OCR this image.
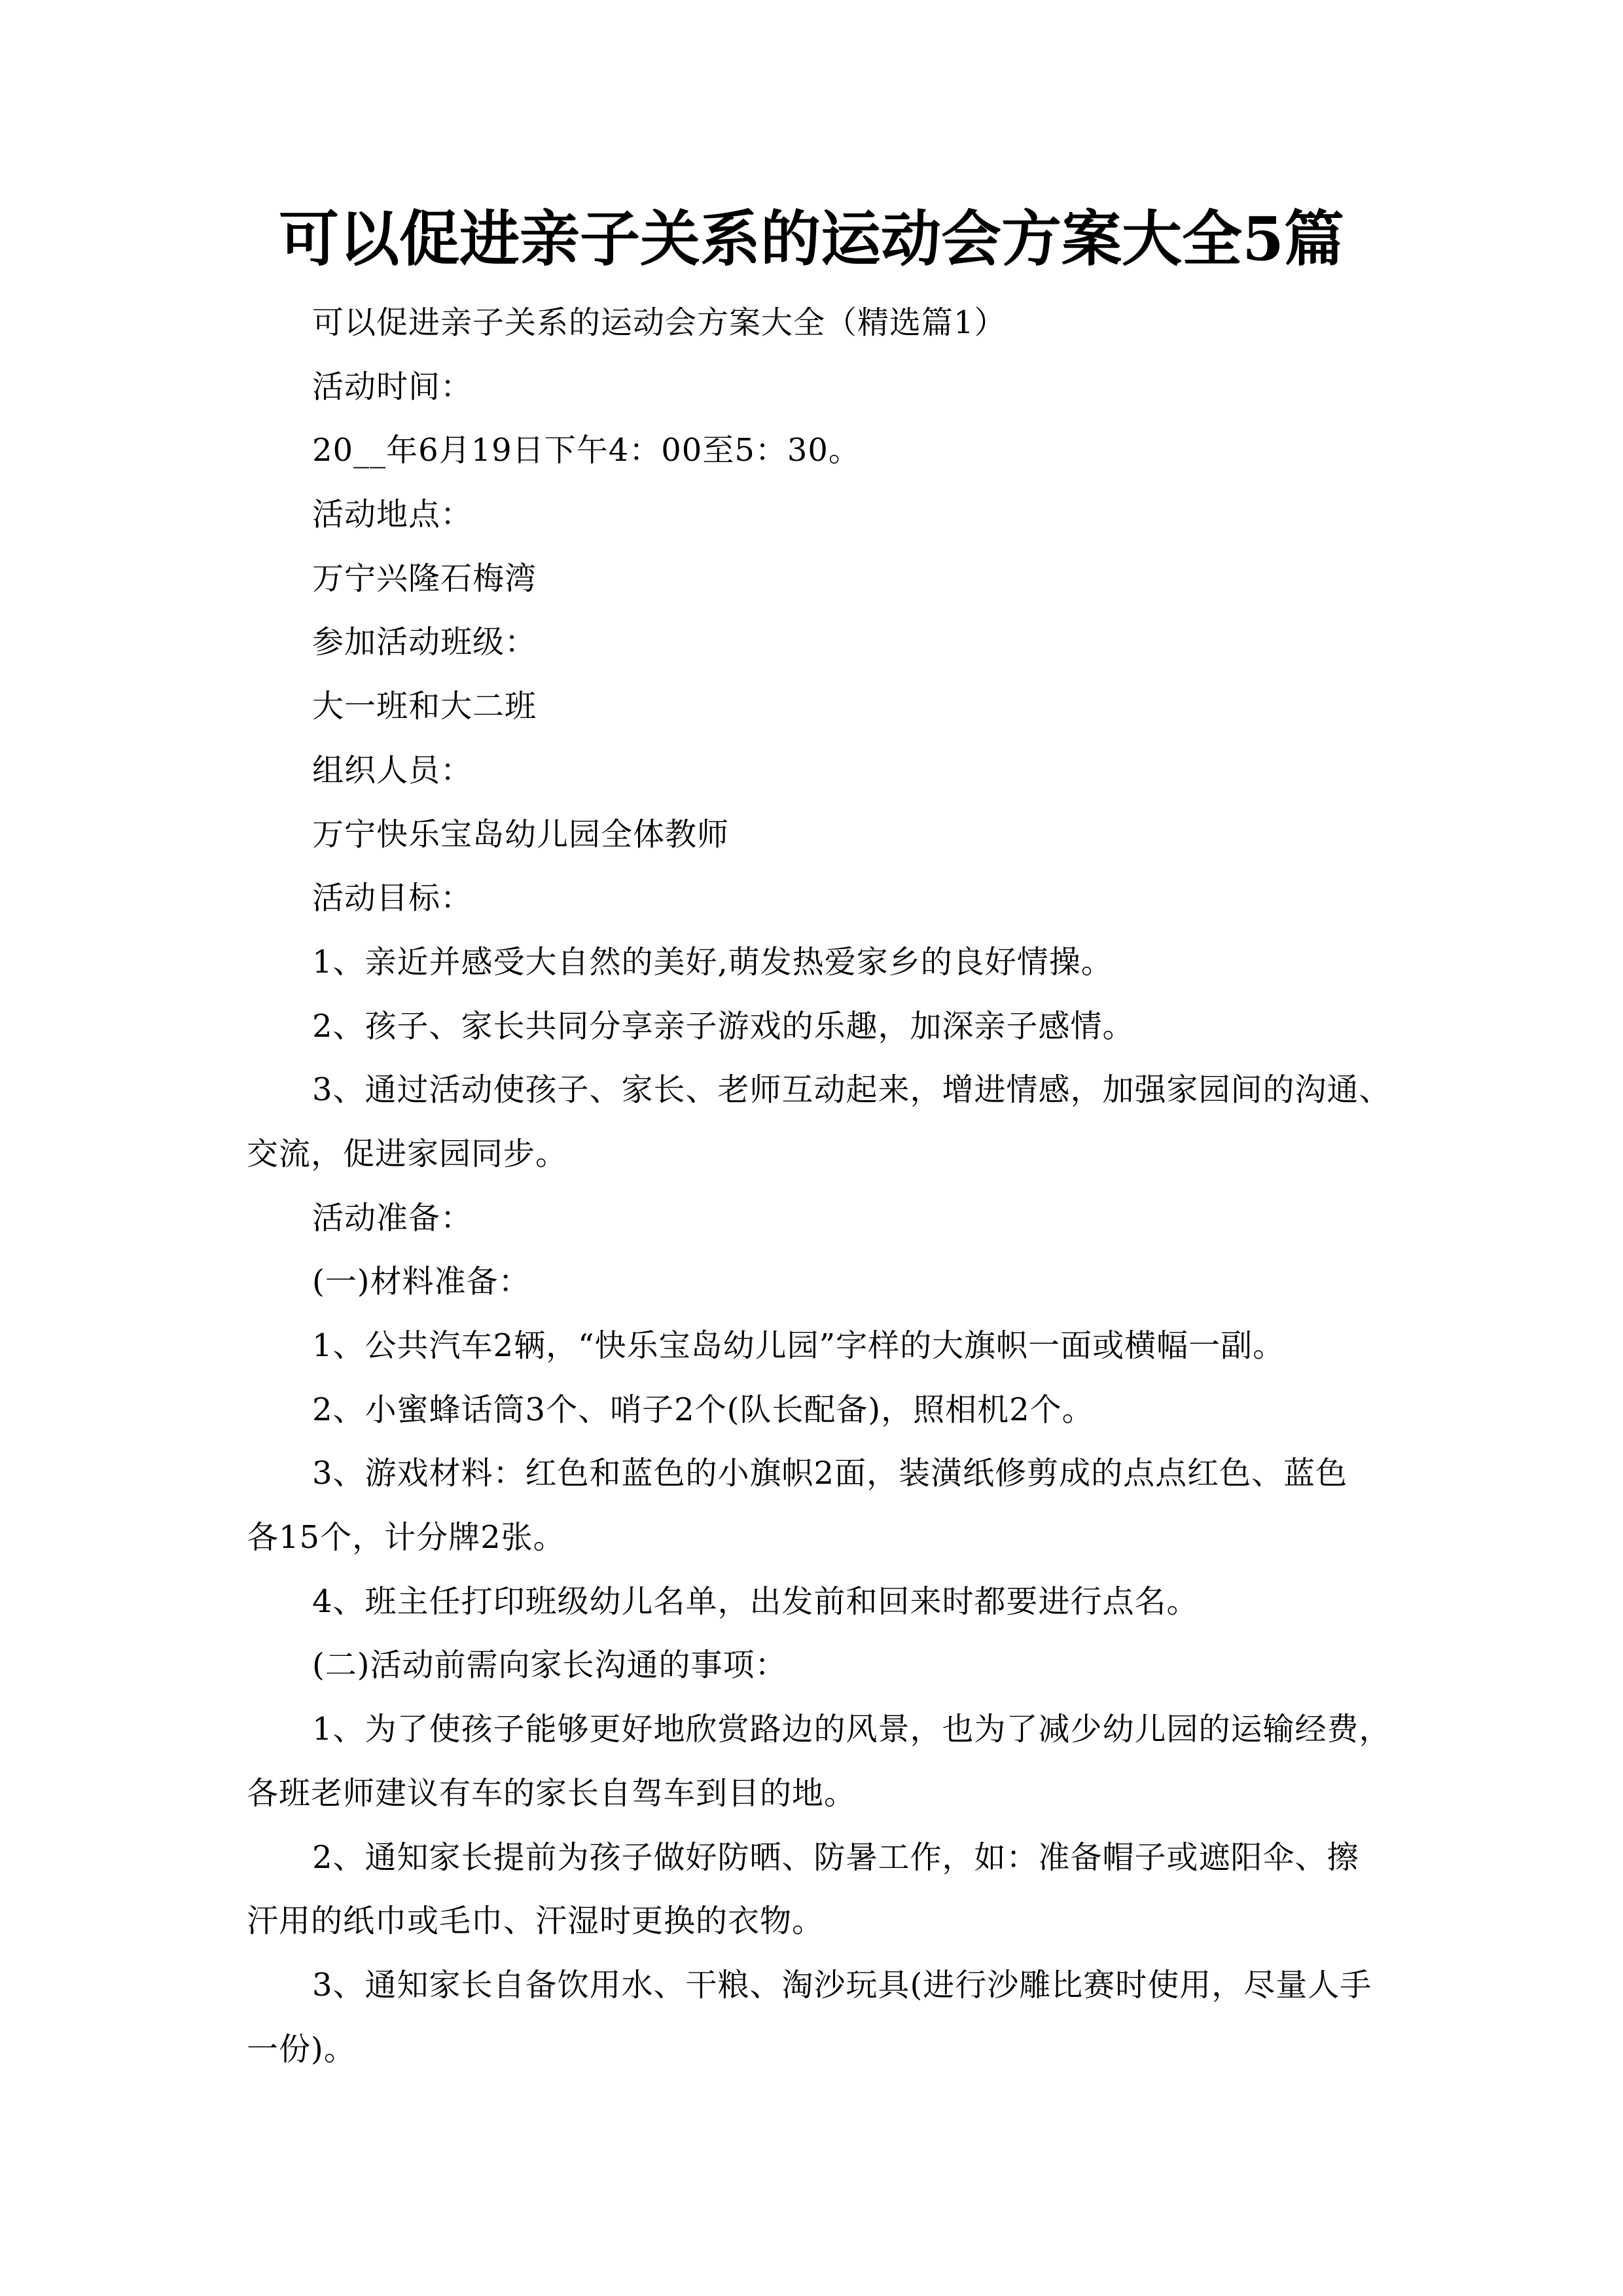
可以促进亲子关系的运动会方案大全5篇
可以促进亲子关系的运动会方案大全（精选篇1）
活动时间：
20__年6月19日下午4：00至5：30。
活动地点：
万宁兴隆石梅湾
参加活动班级：
大一班和大二班
组织人员：
万宁快乐宝岛幼儿园全体教师
活动目标：
1、亲近并感受大自然的美好,萌发热爱家乡的良好情操。
2、孩子、家长共同分享亲子游戏的乐趣，加深亲子感情。
3、通过活动使孩子、家长、老师互动起来，增进情感，加强家园间的沟通、
交流，促进家园同步。
活动准备：
(一)材料准备：
1、公共汽车2辆，“快乐宝岛幼儿园”字样的大旗帜一面或横幅一副。
2、小蜜蜂话筒3个、哨子2个(队长配备)，照相机2个。
3、游戏材料：红色和蓝色的小旗帜2面，装潢纸修剪成的点点红色、蓝色
各15个，计分牌2张。
4、班主任打印班级幼儿名单，出发前和回来时都要进行点名。
(二)活动前需向家长沟通的事项：
1、为了使孩子能够更好地欣赏路边的风景，也为了减少幼儿园的运输经费，
各班老师建议有车的家长自驾车到目的地。
2、通知家长提前为孩子做好防晒、防暑工作，如：准备帽子或遮阳伞、擦
汗用的纸巾或毛巾、汗湿时更换的衣物。
3、通知家长自备饮用水、干粮、淘沙玩具(进行沙雕比赛时使用，尽量人手
一份)。
